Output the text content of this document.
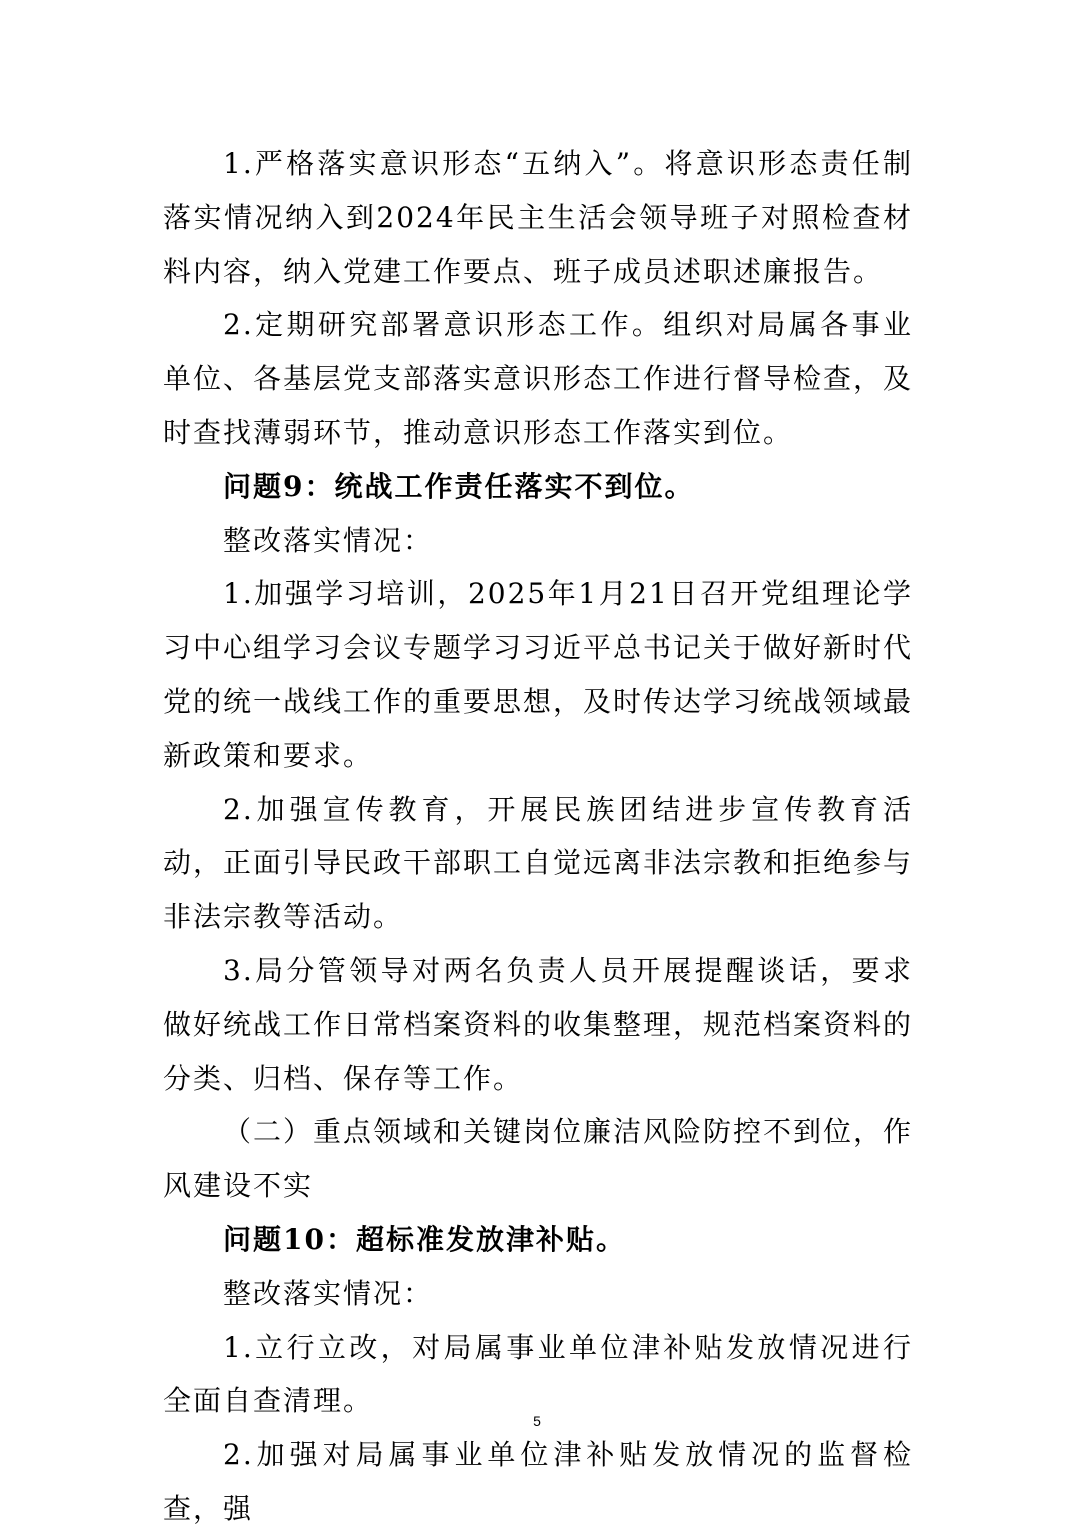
1.严格落实意识形态“五纳入”。将意识形态责任制落实情况纳入到2024年民主生活会领导班子对照检查材料内容，纳入党建工作要点、班子成员述职述廉报告。

2.定期研究部署意识形态工作。组织对局属各事业单位、各基层党支部落实意识形态工作进行督导检查，及时查找薄弱环节，推动意识形态工作落实到位。

问题9：统战工作责任落实不到位。

整改落实情况：

1.加强学习培训，2025年1月21日召开党组理论学习中心组学习会议专题学习习近平总书记关于做好新时代党的统一战线工作的重要思想，及时传达学习统战领域最新政策和要求。

2.加强宣传教育，开展民族团结进步宣传教育活动，正面引导民政干部职工自觉远离非法宗教和拒绝参与非法宗教等活动。

3.局分管领导对两名负责人员开展提醒谈话，要求做好统战工作日常档案资料的收集整理，规范档案资料的分类、归档、保存等工作。

（二）重点领域和关键岗位廉洁风险防控不到位，作风建设不实

问题10：超标准发放津补贴。

整改落实情况：

1.立行立改，对局属事业单位津补贴发放情况进行全面自查清理。

2.加强对局属事业单位津补贴发放情况的监督检查，强

5
